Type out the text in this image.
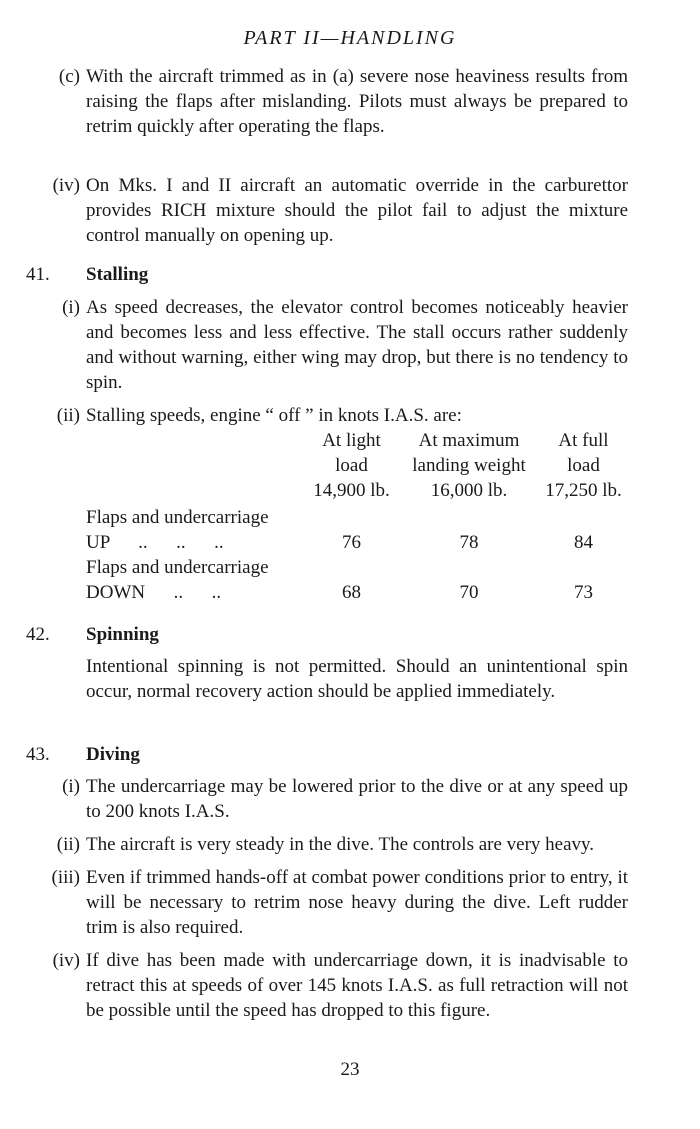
PART II—HANDLING
(c) With the aircraft trimmed as in (a) severe nose heaviness results from raising the flaps after mislanding. Pilots must always be prepared to retrim quickly after operating the flaps.
(iv) On Mks. I and II aircraft an automatic override in the carburettor provides RICH mixture should the pilot fail to adjust the mixture control manually on opening up.
41. Stalling
(i) As speed decreases, the elevator control becomes noticeably heavier and becomes less and less effective. The stall occurs rather suddenly and without warning, either wing may drop, but there is no tendency to spin.
(ii) Stalling speeds, engine “ off ” in knots I.A.S. are:
	At light	At maximum	At full
	load	landing weight	load
	14,900 lb.	16,000 lb.	17,250 lb.
Flaps and undercarriage			
UP      ..      ..      ..	76	78	84
Flaps and undercarriage			
DOWN      ..      ..	68	70	73
42. Spinning
Intentional spinning is not permitted. Should an unintentional spin occur, normal recovery action should be applied immediately.
43. Diving
(i) The undercarriage may be lowered prior to the dive or at any speed up to 200 knots I.A.S.
(ii) The aircraft is very steady in the dive. The controls are very heavy.
(iii) Even if trimmed hands-off at combat power conditions prior to entry, it will be necessary to retrim nose heavy during the dive. Left rudder trim is also required.
(iv) If dive has been made with undercarriage down, it is inadvisable to retract this at speeds of over 145 knots I.A.S. as full retraction will not be possible until the speed has dropped to this figure.
23
